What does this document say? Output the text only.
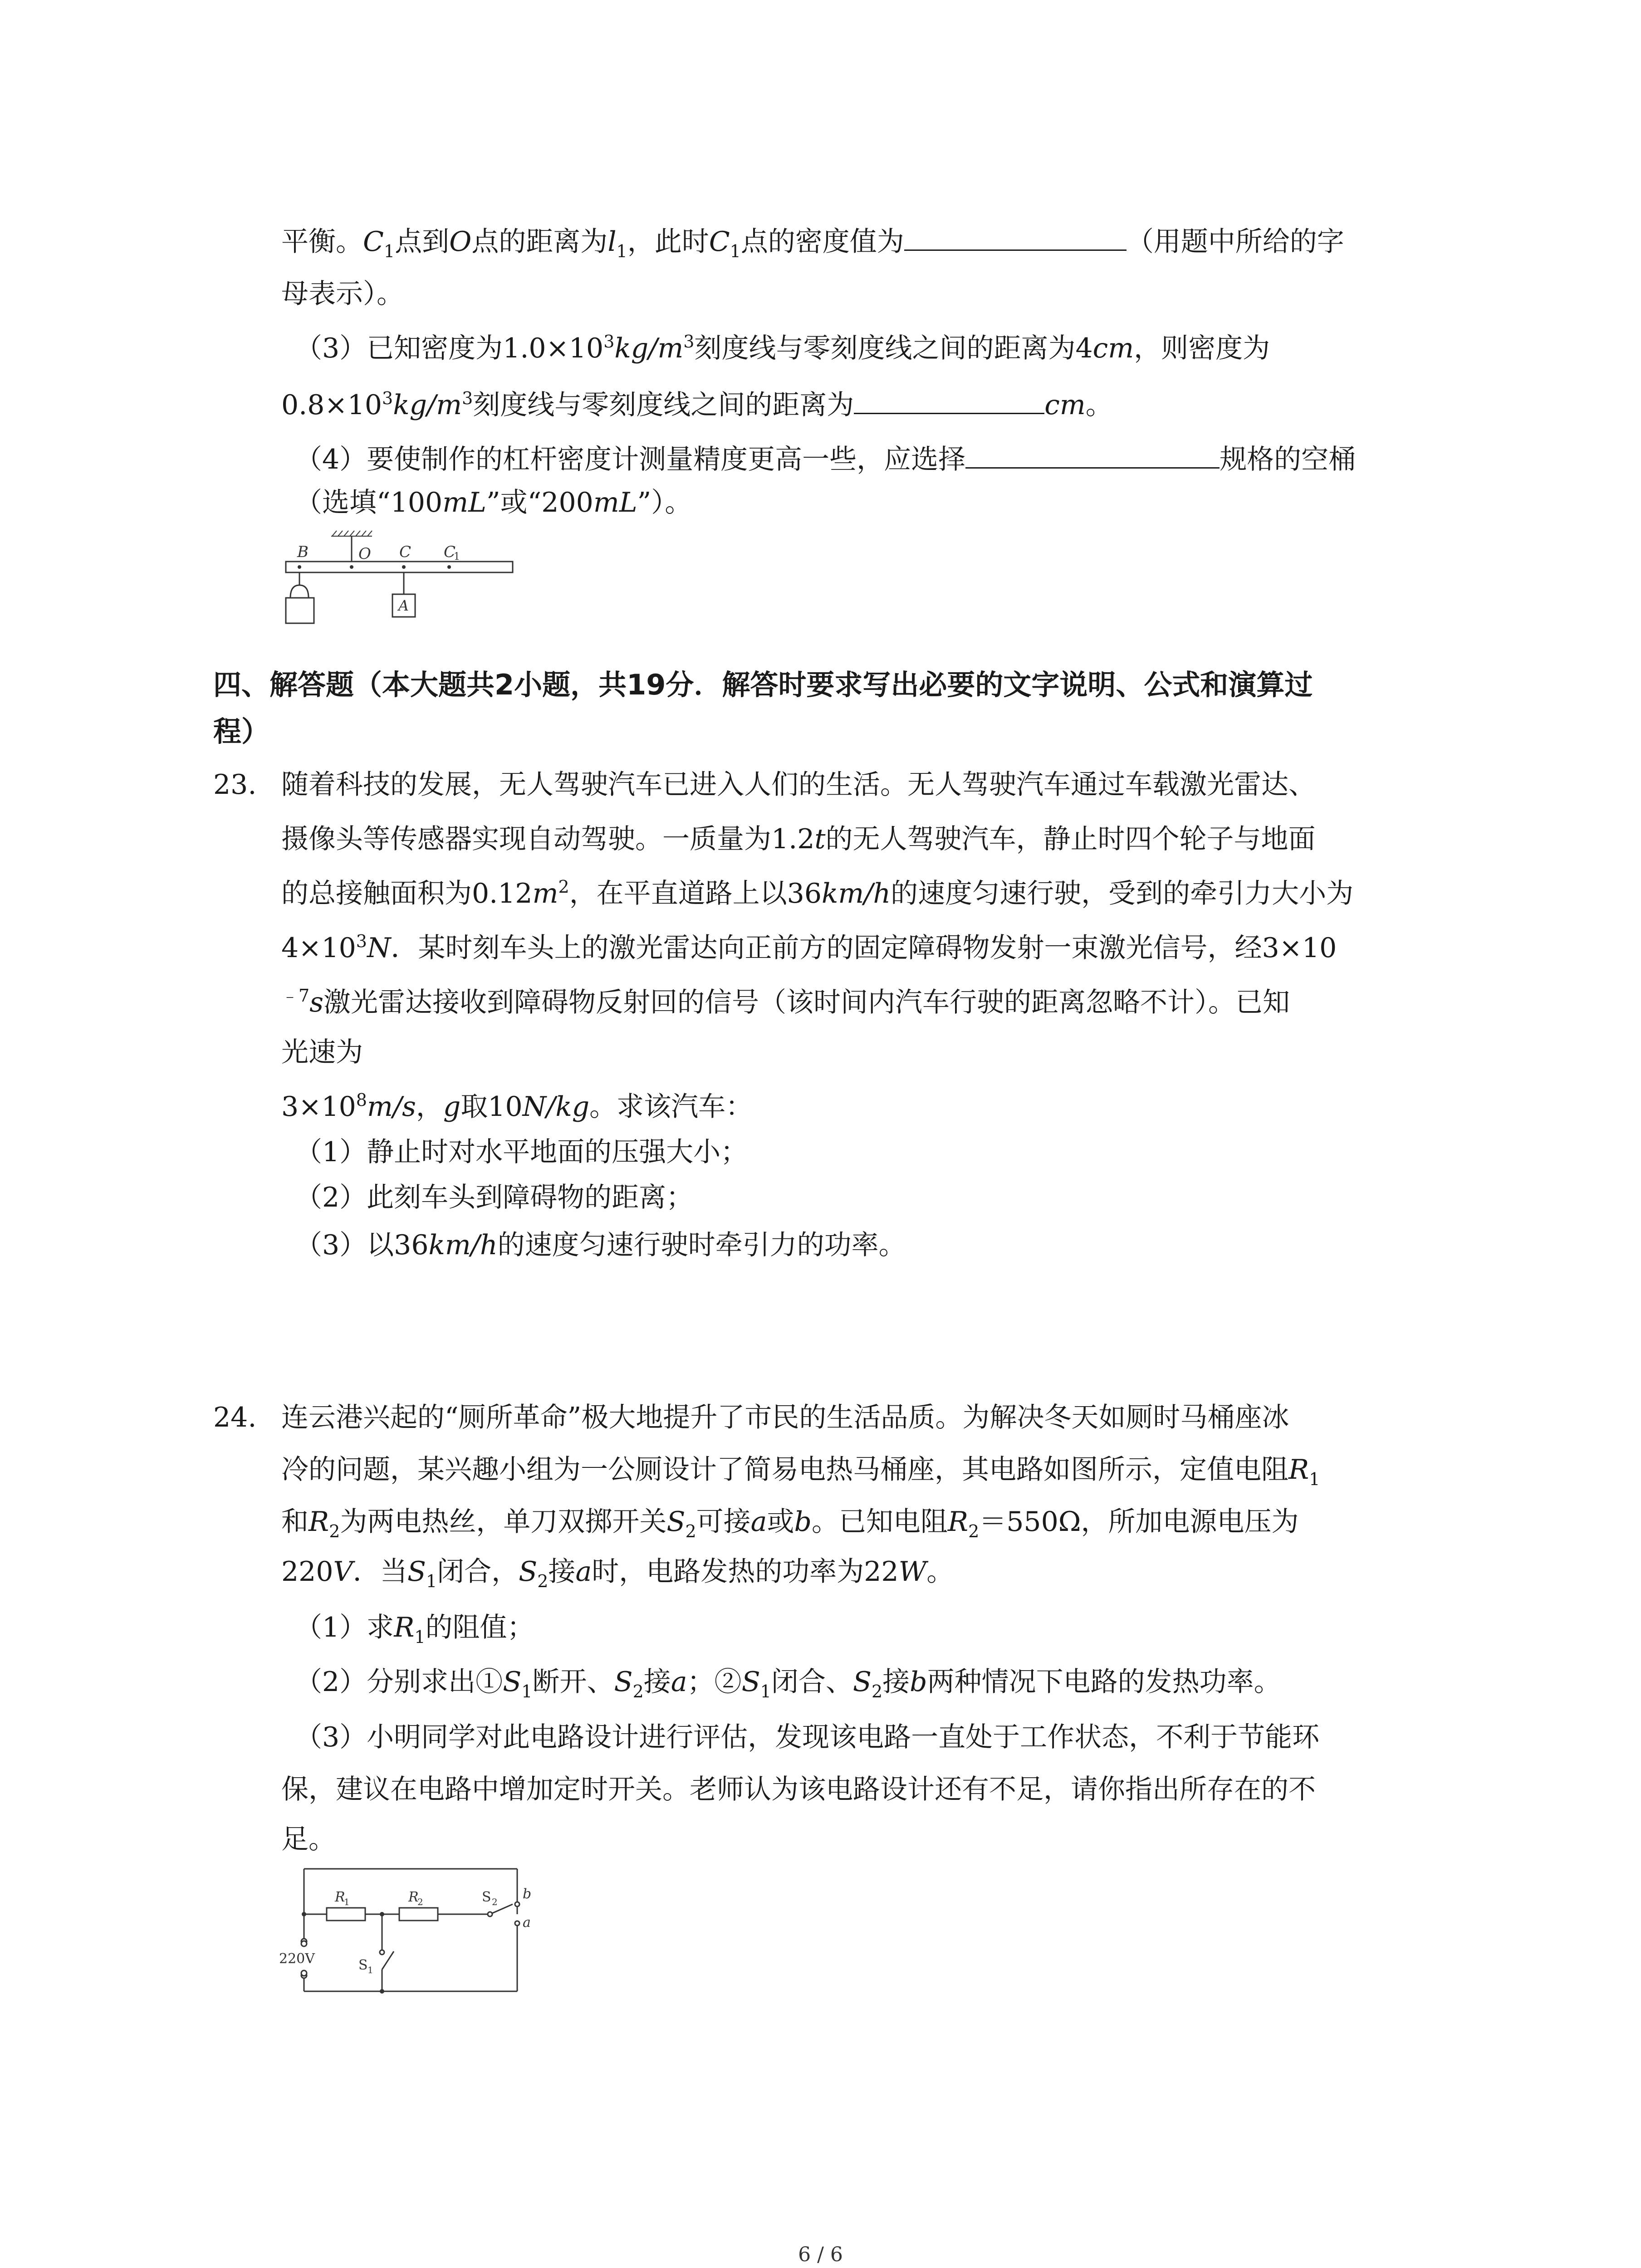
平衡。$C_1$点到O点的距离为$l_1$，此时$C_1$点的密度值为	（用题中所给的字
母表示）。
（3）已知密度为$1.0\times 10^3kg/m^3$刻度线与零刻度线之间的距离为4cm，则密度为
$0.8\times 10^3kg/m^3$刻度线与零刻度线之间的距离为	cm。
（4）要使制作的杠杆密度计测量精度更高一些，应选择	规格的空桶
（选填“100mL”或“200mL”）。
B	O C C
1
A
四、解答题（本大题共2小题，共19分．解答时要求写出必要的文字说明、公式和演算过
程）
23. 随着科技的发展，无人驾驶汽车已进入人们的生活。无人驾驶汽车通过车载激光雷达、
摄像头等传感器实现自动驾驶。一质量为1.2t的无人驾驶汽车，静止时四个轮子与地面
的总接触面积为$0.12m^2$，在平直道路上以36km/h的速度匀速行驶，受到的牵引力大小为
$4\times 10^3N$．某时刻车头上的激光雷达向正前方的固定障碍物发射一束激光信号，经3×10
$^{﹣7}$s激光雷达接收到障碍物反射回的信号（该时间内汽车行驶的距离忽略不计）。已知
光速为
$3\times 10^8m/s$，g取10N/kg。求该汽车：
（1）静止时对水平地面的压强大小；
（2）此刻车头到障碍物的距离；
（3）以36km/h的速度匀速行驶时牵引力的功率。
24. 连云港兴起的“厕所革命”极大地提升了市民的生活品质。为解决冬天如厕时马桶座冰
冷的问题，某兴趣小组为一公厕设计了简易电热马桶座，其电路如图所示，定值电阻$R_1$
和$R_2$为两电热丝，单刀双掷开关$S_2$可接a或b。已知电阻$R_2=550\Omega$，所加电源电压为
220V．当$S_1$闭合，$S_2$接a时，电路发热的功率为22W。
（1）求$R_1$的阻值；
（2）分别求出$①S_1$断开、$S_2$接a；$②S_1$闭合、$S_2$接b两种情况下电路的发热功率。
（3）小明同学对此电路设计进行评估，发现该电路一直处于工作状态，不利于节能环
保，建议在电路中增加定时开关。老师认为该电路设计还有不足，请你指出所存在的不
足。
R
1	R
2	S 2 b
a
220V	S 1
6 / 6
